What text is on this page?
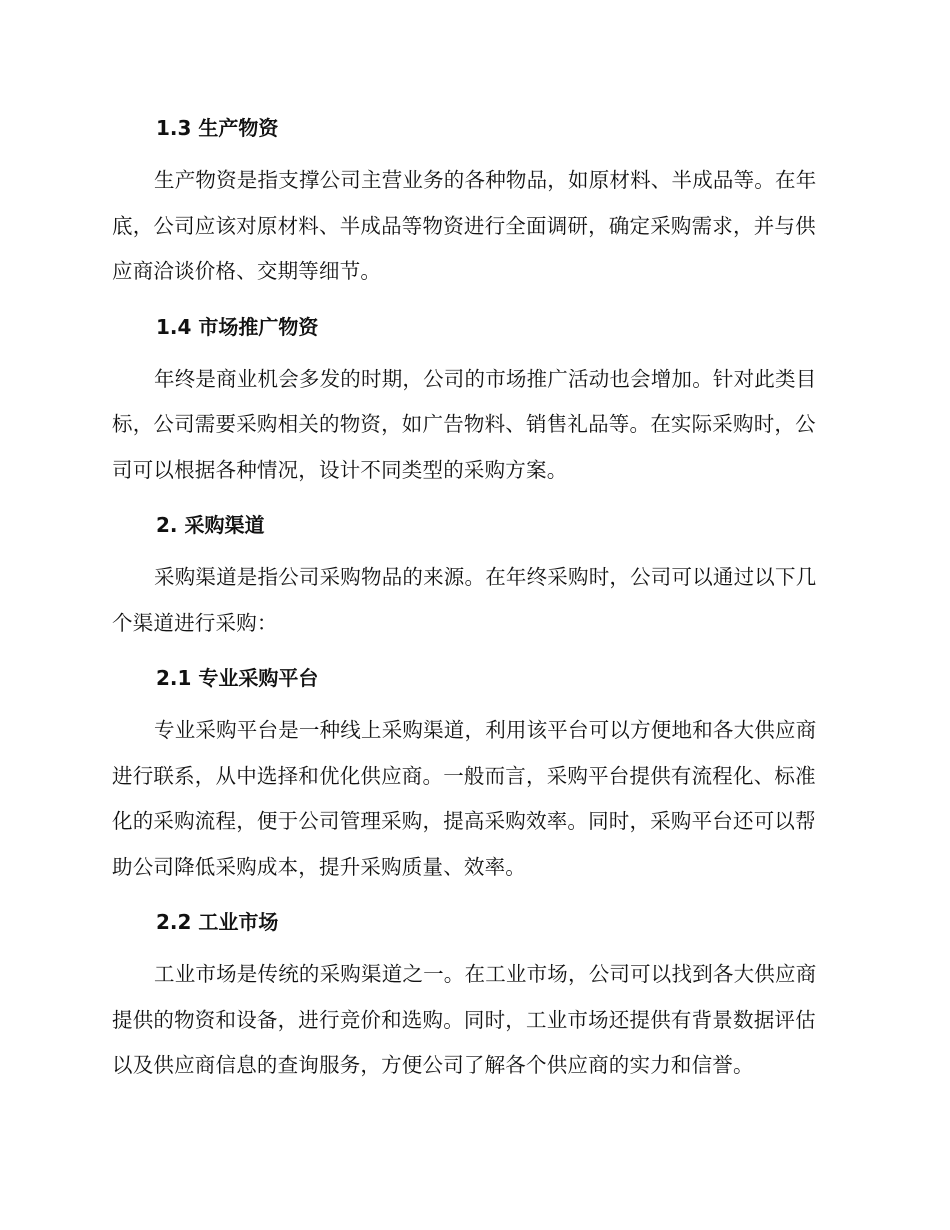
1.3 生产物资

生产物资是指支撑公司主营业务的各种物品，如原材料、半成品等。在年底，公司应该对原材料、半成品等物资进行全面调研，确定采购需求，并与供应商洽谈价格、交期等细节。

1.4 市场推广物资

年终是商业机会多发的时期，公司的市场推广活动也会增加。针对此类目标，公司需要采购相关的物资，如广告物料、销售礼品等。在实际采购时，公司可以根据各种情况，设计不同类型的采购方案。

2. 采购渠道

采购渠道是指公司采购物品的来源。在年终采购时，公司可以通过以下几个渠道进行采购：

2.1 专业采购平台

专业采购平台是一种线上采购渠道，利用该平台可以方便地和各大供应商进行联系，从中选择和优化供应商。一般而言，采购平台提供有流程化、标准化的采购流程，便于公司管理采购，提高采购效率。同时，采购平台还可以帮助公司降低采购成本，提升采购质量、效率。

2.2 工业市场

工业市场是传统的采购渠道之一。在工业市场，公司可以找到各大供应商提供的物资和设备，进行竞价和选购。同时，工业市场还提供有背景数据评估以及供应商信息的查询服务，方便公司了解各个供应商的实力和信誉。
